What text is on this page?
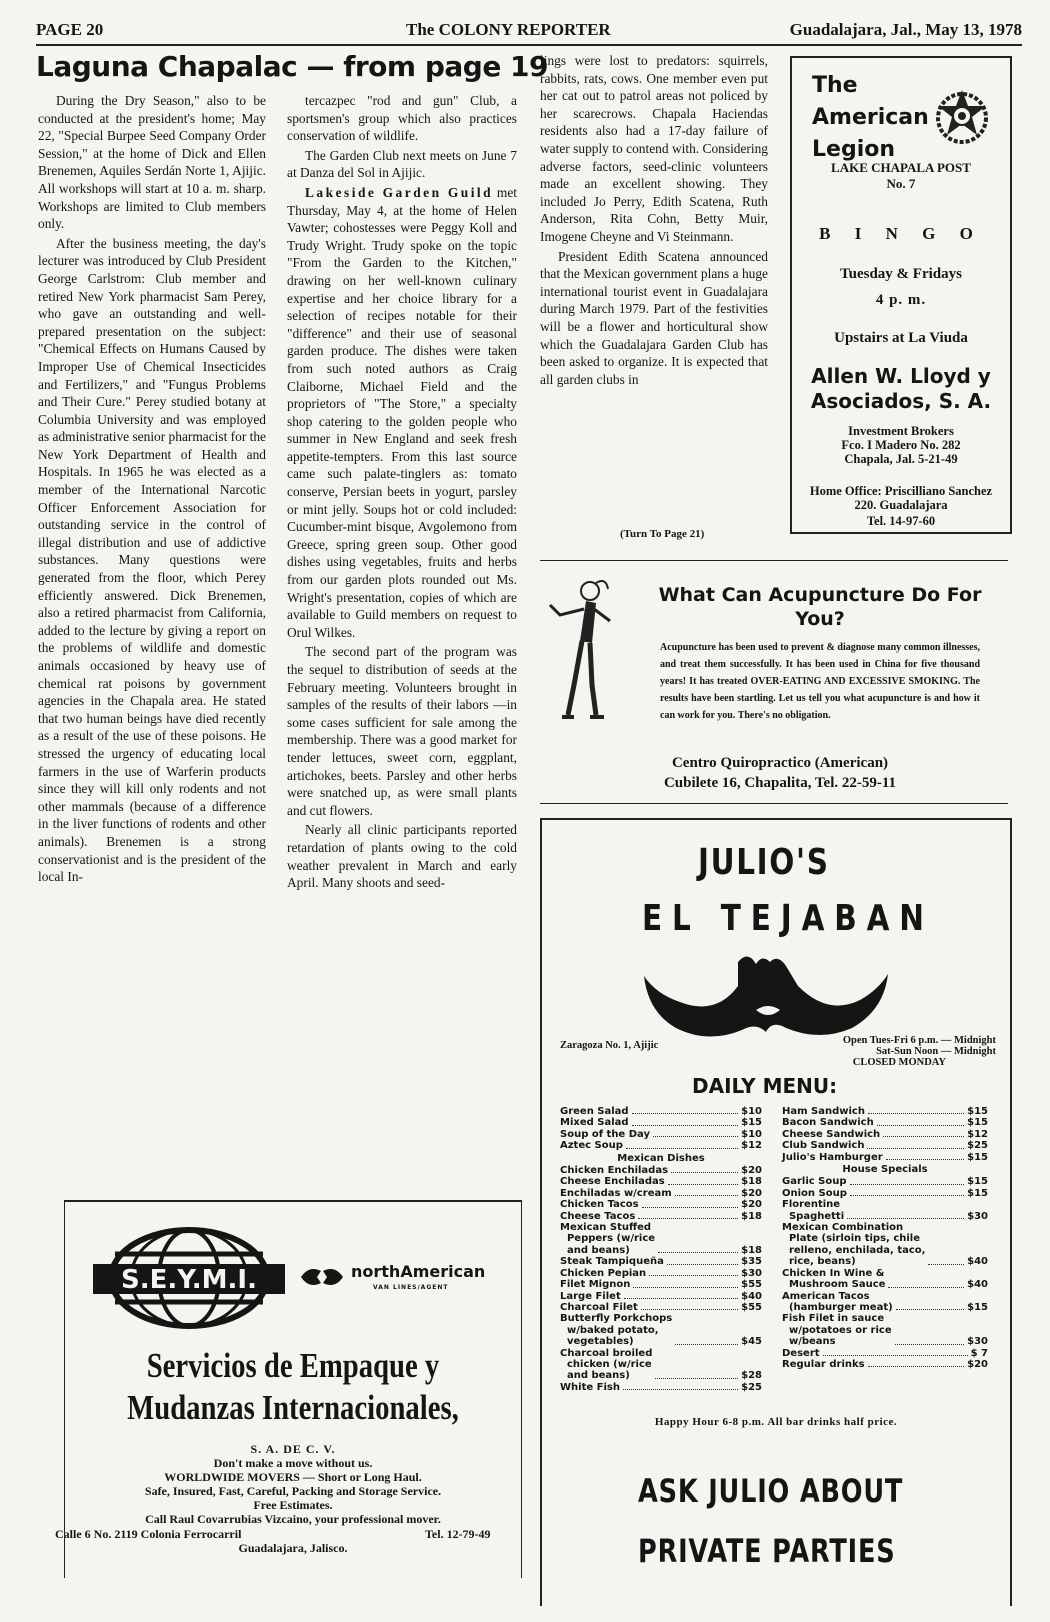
PAGE 20	The COLONY REPORTER	Guadalajara, Jal., May 13, 1978
Laguna Chapalac — from page 19

During the Dry Season," also to be conducted at the president's home; May 22, "Special Burpee Seed Company Order Session," at the home of Dick and Ellen Brenemen, Aquiles Serdán Norte 1, Ajijic. All workshops will start at 10 a. m. sharp. Workshops are limited to Club members only.

After the business meeting, the day's lecturer was introduced by Club President George Carlstrom: Club member and retired New York pharmacist Sam Perey, who gave an outstanding and well-prepared presentation on the subject: "Chemical Effects on Humans Caused by Improper Use of Chemical Insecticides and Fertilizers," and "Fungus Problems and Their Cure." Perey studied botany at Columbia University and was employed as administrative senior pharmacist for the New York Department of Health and Hospitals. In 1965 he was elected as a member of the International Narcotic Officer Enforcement Association for outstanding service in the control of illegal distribution and use of addictive substances. Many questions were generated from the floor, which Perey efficiently answered. Dick Brenemen, also a retired pharmacist from California, added to the lecture by giving a report on the problems of wildlife and domestic animals occasioned by heavy use of chemical rat poisons by government agencies in the Chapala area. He stated that two human beings have died recently as a result of the use of these poisons. He stressed the urgency of educating local farmers in the use of Warferin products since they will kill only rodents and not other mammals (because of a difference in the liver functions of rodents and other animals). Brenemen is a strong conservationist and is the president of the local In-

tercazpec "rod and gun" Club, a sportsmen's group which also practices conservation of wildlife.

The Garden Club next meets on June 7 at Danza del Sol in Ajijic.

Lakeside Garden Guild met Thursday, May 4, at the home of Helen Vawter; cohostesses were Peggy Koll and Trudy Wright. Trudy spoke on the topic "From the Garden to the Kitchen," drawing on her well-known culinary expertise and her choice library for a selection of recipes notable for their "difference" and their use of seasonal garden produce. The dishes were taken from such noted authors as Craig Claiborne, Michael Field and the proprietors of "The Store," a specialty shop catering to the golden people who summer in New England and seek fresh appetite-tempters. From this last source came such palate-tinglers as: tomato conserve, Persian beets in yogurt, parsley or mint jelly. Soups hot or cold included: Cucumber-mint bisque, Avgolemono from Greece, spring green soup. Other good dishes using vegetables, fruits and herbs from our garden plots rounded out Ms. Wright's presentation, copies of which are available to Guild members on request to Orul Wilkes.

The second part of the program was the sequel to distribution of seeds at the February meeting. Volunteers brought in samples of the results of their labors —in some cases sufficient for sale among the membership. There was a good market for tender lettuces, sweet corn, eggplant, artichokes, beets. Parsley and other herbs were snatched up, as were small plants and cut flowers.

Nearly all clinic participants reported retardation of plants owing to the cold weather prevalent in March and early April. Many shoots and seed-

lings were lost to predators: squirrels, rabbits, rats, cows. One member even put her cat out to patrol areas not policed by her scarecrows. Chapala Haciendas residents also had a 17-day failure of water supply to contend with. Considering adverse factors, seed-clinic volunteers made an excellent showing. They included Jo Perry, Edith Scatena, Ruth Anderson, Rita Cohn, Betty Muir, Imogene Cheyne and Vi Steinmann.

President Edith Scatena announced that the Mexican government plans a huge international tourist event in Guadalajara during March 1979. Part of the festivities will be a flower and horticultural show which the Guadalajara Garden Club has been asked to organize. It is expected that all garden clubs in

(Turn To Page 21)
The American Legion
LAKE CHAPALA POST No. 7
B I N G O
Tuesday & Fridays
4 p. m.
Upstairs at La Viuda
Allen W. Lloyd y Asociados, S. A.
Investment Brokers
Fco. I Madero No. 282
Chapala, Jal. 5-21-49
Home Office: Priscilliano Sanchez 220. Guadalajara
Tel. 14-97-60
What Can Acupuncture Do For You?
Acupuncture has been used to prevent & diagnose many common illnesses, and treat them successfully. It has been used in China for five thousand years! It has treated OVER-EATING AND EXCESSIVE SMOKING. The results have been startling. Let us tell you what acupuncture is and how it can work for you. There's no obligation.
Centro Quiropractico (American)
Cubilete 16, Chapalita, Tel. 22-59-11
JULIO'S
EL TEJABAN
Zaragoza No. 1, Ajijic	Open Tues-Fri 6 p.m. — Midnight
Sat-Sun Noon — Midnight
CLOSED MONDAY
DAILY MENU:
Green Salad	$10
Mixed Salad	$15
Soup of the Day	$10
Aztec Soup	$12
Mexican Dishes
Chicken Enchiladas	$20
Cheese Enchiladas	$18
Enchiladas w/cream	$20
Chicken Tacos	$20
Cheese Tacos	$18
Mexican Stuffed
Peppers (w/rice
and beans)	$18
Steak Tampiqueña	$35
Chicken Pepian	$30
Filet Mignon	$55
Large Filet	$40
Charcoal Filet	$55
Butterfly Porkchops
w/baked potato,
vegetables)	$45
Charcoal broiled
chicken (w/rice
and beans)	$28
White Fish	$25
Ham Sandwich	$15
Bacon Sandwich	$15
Cheese Sandwich	$12
Club Sandwich	$25
Julio's Hamburger	$15
House Specials
Garlic Soup	$15
Onion Soup	$15
Florentine
Spaghetti	$30
Mexican Combination
Plate (sirloin tips, chile
relleno, enchilada, taco,
rice, beans)	$40
Chicken In Wine &
Mushroom Sauce	$40
American Tacos
(hamburger meat)	$15
Fish Filet in sauce
w/potatoes or rice
w/beans	$30
Desert	$ 7
Regular drinks	$20
Happy Hour 6-8 p.m. All bar drinks half price.
ASK JULIO ABOUT
PRIVATE PARTIES
S.E.Y.M.I.	northAmerican
VAN LINES/AGENT
Servicios de Empaque y
Mudanzas Internacionales,
S. A. DE C. V.
Don't make a move without us.
WORLDWIDE MOVERS — Short or Long Haul.
Safe, Insured, Fast, Careful, Packing and Storage Service.
Free Estimates.
Call Raul Covarrubias Vizcaino, your professional mover.
Calle 6 No. 2119 Colonia Ferrocarril	Tel. 12-79-49
Guadalajara, Jalisco.
